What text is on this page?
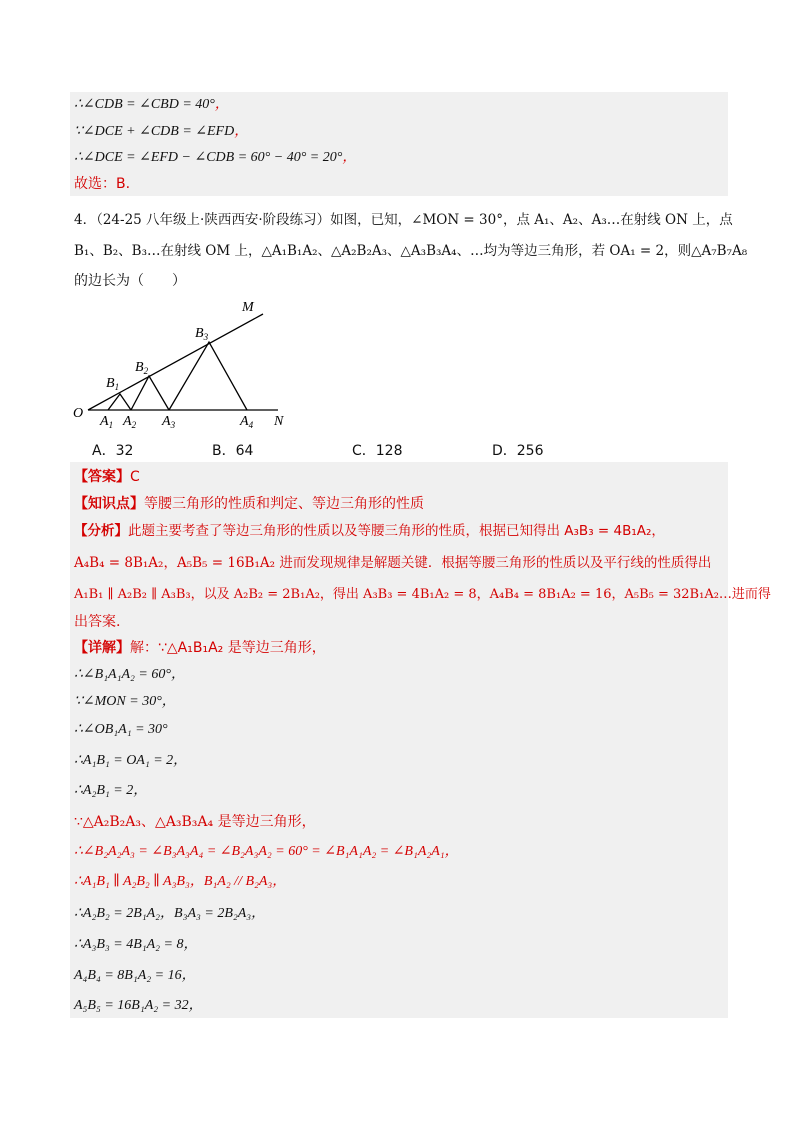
∴∠CDB = ∠CBD = 40°，
∵∠DCE + ∠CDB = ∠EFD，
∴∠DCE = ∠EFD − ∠CDB = 60° − 40° = 20°，
故选：B.
4．（24-25 八年级上·陕西西安·阶段练习）如图，已知，∠MON = 30°，点 A₁、A₂、A₃…在射线 ON 上，点
B₁、B₂、B₃…在射线 OM 上，△A₁B₁A₂、△A₂B₂A₃、△A₃B₃A₄、…均为等边三角形，若 OA₁ = 2，则△A₇B₇A₈
的边长为（　　）
M
N
O
$B_1$
$B_2$
$B_3$
$A_1$ $A_2$ $A_3$	$A_4$
A．32	B．64	C．128	D．256
【答案】C
【知识点】等腰三角形的性质和判定、等边三角形的性质
【分析】此题主要考查了等边三角形的性质以及等腰三角形的性质，根据已知得出 A₃B₃ = 4B₁A₂，
A₄B₄ = 8B₁A₂，A₅B₅ = 16B₁A₂ 进而发现规律是解题关键．根据等腰三角形的性质以及平行线的性质得出
A₁B₁ ∥ A₂B₂ ∥ A₃B₃，以及 A₂B₂ = 2B₁A₂，得出 A₃B₃ = 4B₁A₂ = 8，A₄B₄ = 8B₁A₂ = 16，A₅B₅ = 32B₁A₂…进而得
出答案.
【详解】解：∵△A₁B₁A₂ 是等边三角形，
∴∠B₁A₁A₂ = 60°，
∵∠MON = 30°，
∴∠OB₁A₁ = 30°
∴A₁B₁ = OA₁ = 2，
∴A₂B₁ = 2，
∵△A₂B₂A₃、△A₃B₃A₄ 是等边三角形，
∴∠B₂A₂A₃ = ∠B₃A₃A₄ = ∠B₂A₃A₂ = 60° = ∠B₁A₁A₂ = ∠B₁A₂A₁，
∴A₁B₁ ∥ A₂B₂ ∥ A₃B₃，B₁A₂ // B₂A₃，
∴A₂B₂ = 2B₁A₂，B₃A₃ = 2B₂A₃，
∴A₃B₃ = 4B₁A₂ = 8，
A₄B₄ = 8B₁A₂ = 16，
A₅B₅ = 16B₁A₂ = 32，
